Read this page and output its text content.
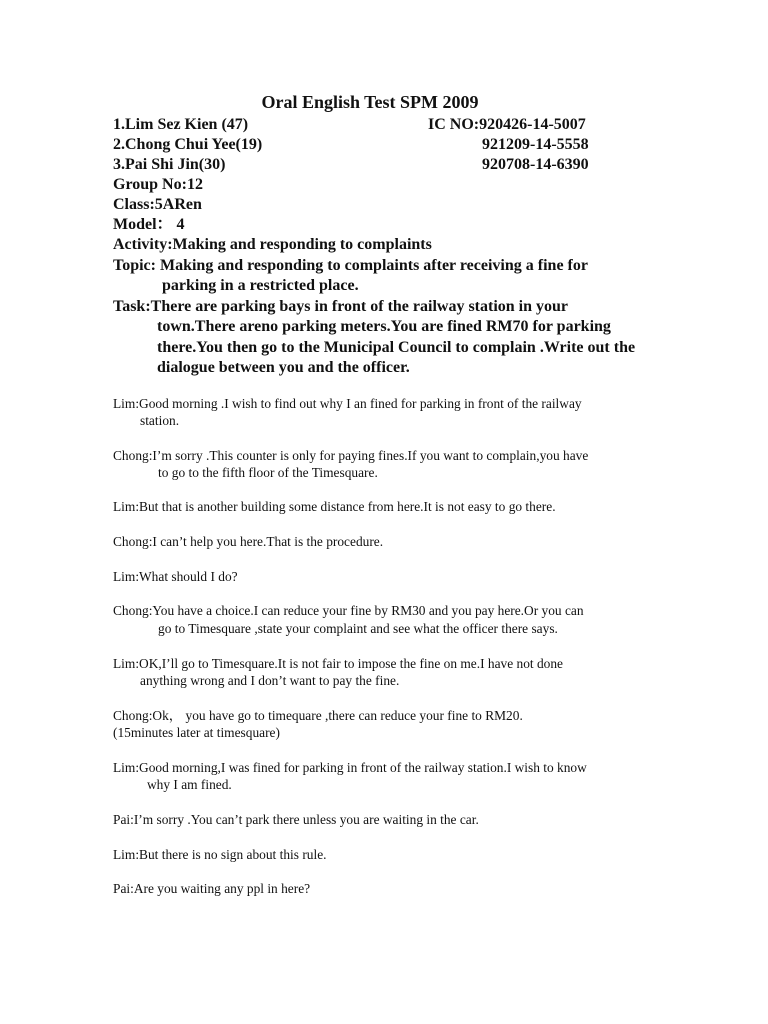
Oral English Test SPM 2009
1.Lim Sez Kien (47)	IC NO:920426-14-5007
2.Chong Chui Yee(19)	921209-14-5558
3.Pai Shi Jin(30)	920708-14-6390
Group No:12
Class:5ARen
Model： 4
Activity:Making and responding to complaints
Topic: Making and responding to complaints after receiving a fine for
parking in a restricted place.
Task:There are parking bays in front of the railway station in your
town.There areno parking meters.You are fined RM70 for parking
there.You then go to the Municipal Council to complain .Write out the
dialogue between you and the officer.
Lim:Good morning .I wish to find out why I an fined for parking in front of the railway
station.
Chong:I’m sorry .This counter is only for paying fines.If you want to complain,you have
to go to the fifth floor of the Timesquare.
Lim:But that is another building some distance from here.It is not easy to go there.
Chong:I can’t help you here.That is the procedure.
Lim:What should I do?
Chong:You have a choice.I can reduce your fine by RM30 and you pay here.Or you can
go to Timesquare ,state your complaint and see what the officer there says.
Lim:OK,I’ll go to Timesquare.It is not fair to impose the fine on me.I have not done
anything wrong and I don’t want to pay the fine.
Chong:Ok， you have go to timequare ,there can reduce your fine to RM20.
(15minutes later at timesquare)
Lim:Good morning,I was fined for parking in front of the railway station.I wish to know
why I am fined.
Pai:I’m sorry .You can’t park there unless you are waiting in the car.
Lim:But there is no sign about this rule.
Pai:Are you waiting any ppl in here?
